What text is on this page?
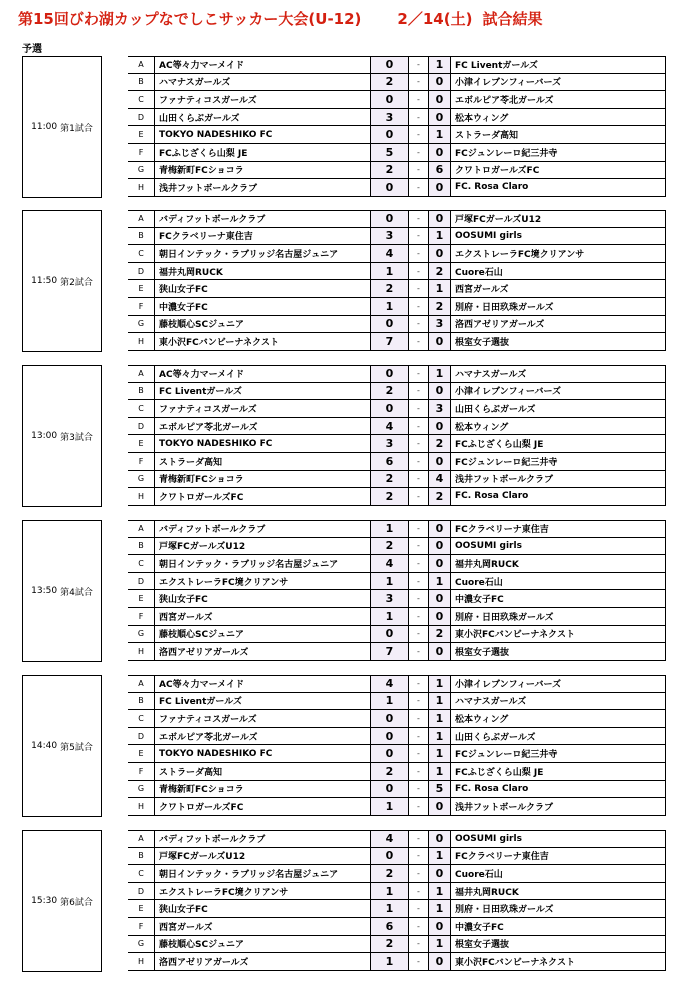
第15回びわ湖カップなでしこサッカー大会(U-12) 2／14(土) 試合結果
予選
11:00 第1試合
A	AC等々力マーメイド	0	-	1	FC Liventガールズ
B	ハマナスガールズ	2	-	0	小津イレブンフィーバーズ
C	ファナティコスガールズ	0	-	0	エボルピア苓北ガールズ
D	山田くらぶガールズ	3	-	0	松本ウィング
E	TOKYO NADESHIKO FC	0	-	1	ストラーダ高知
F	FCふじざくら山梨 JE	5	-	0	FCジュンレーロ紀三井寺
G	青梅新町FCショコラ	2	-	6	クワトロガールズFC
H	浅井フットボールクラブ	0	-	0	FC. Rosa Claro
11:50 第2試合
A	バディフットボールクラブ	0	-	0	戸塚FCガールズU12
B	FCクラベリーナ東住吉	3	-	1	OOSUMI girls
C	朝日インテック・ラブリッジ名古屋ジュニア	4	-	0	エクストレーラFC境クリアンサ
D	福井丸岡RUCK	1	-	2	Cuore石山
E	狭山女子FC	2	-	1	西宮ガールズ
F	中濃女子FC	1	-	2	別府・日田玖珠ガールズ
G	藤枝順心SCジュニア	0	-	3	洛西アゼリアガールズ
H	東小沢FCバンビーナネクスト	7	-	0	根室女子選抜
13:00 第3試合
A	AC等々力マーメイド	0	-	1	ハマナスガールズ
B	FC Liventガールズ	2	-	0	小津イレブンフィーバーズ
C	ファナティコスガールズ	0	-	3	山田くらぶガールズ
D	エボルピア苓北ガールズ	4	-	0	松本ウィング
E	TOKYO NADESHIKO FC	3	-	2	FCふじざくら山梨 JE
F	ストラーダ高知	6	-	0	FCジュンレーロ紀三井寺
G	青梅新町FCショコラ	2	-	4	浅井フットボールクラブ
H	クワトロガールズFC	2	-	2	FC. Rosa Claro
13:50 第4試合
A	バディフットボールクラブ	1	-	0	FCクラベリーナ東住吉
B	戸塚FCガールズU12	2	-	0	OOSUMI girls
C	朝日インテック・ラブリッジ名古屋ジュニア	4	-	0	福井丸岡RUCK
D	エクストレーラFC境クリアンサ	1	-	1	Cuore石山
E	狭山女子FC	3	-	0	中濃女子FC
F	西宮ガールズ	1	-	0	別府・日田玖珠ガールズ
G	藤枝順心SCジュニア	0	-	2	東小沢FCバンビーナネクスト
H	洛西アゼリアガールズ	7	-	0	根室女子選抜
14:40 第5試合
A	AC等々力マーメイド	4	-	1	小津イレブンフィーバーズ
B	FC Liventガールズ	1	-	1	ハマナスガールズ
C	ファナティコスガールズ	0	-	1	松本ウィング
D	エボルピア苓北ガールズ	0	-	1	山田くらぶガールズ
E	TOKYO NADESHIKO FC	0	-	1	FCジュンレーロ紀三井寺
F	ストラーダ高知	2	-	1	FCふじざくら山梨 JE
G	青梅新町FCショコラ	0	-	5	FC. Rosa Claro
H	クワトロガールズFC	1	-	0	浅井フットボールクラブ
15:30 第6試合
A	バディフットボールクラブ	4	-	0	OOSUMI girls
B	戸塚FCガールズU12	0	-	1	FCクラベリーナ東住吉
C	朝日インテック・ラブリッジ名古屋ジュニア	2	-	0	Cuore石山
D	エクストレーラFC境クリアンサ	1	-	1	福井丸岡RUCK
E	狭山女子FC	1	-	1	別府・日田玖珠ガールズ
F	西宮ガールズ	6	-	0	中濃女子FC
G	藤枝順心SCジュニア	2	-	1	根室女子選抜
H	洛西アゼリアガールズ	1	-	0	東小沢FCバンビーナネクスト
